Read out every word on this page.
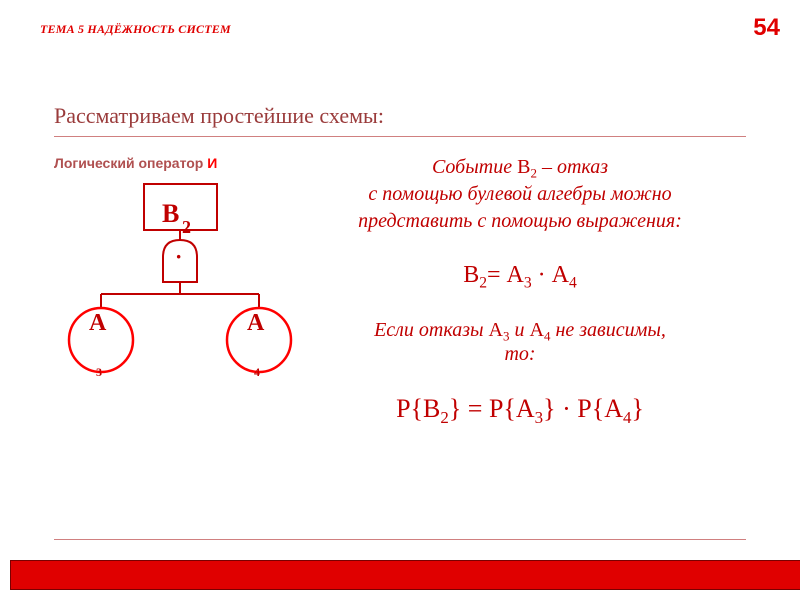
ТЕМА 5 НАДЁЖНОСТЬ СИСТЕМ	54
Рассматриваем простейшие схемы:
Логический оператор И
B 2
·
А
3
А
4
Событие $В_2$ – отказ
с помощью булевой алгебры можно
представить с помощью выражения:
$В_2= А_3 \cdot А_4$
Если отказы $А_3$ и $А_4$ не зависимы,
то:
$Р\{В_2\} = Р\{А_3\} \cdot Р\{А_4\}$
